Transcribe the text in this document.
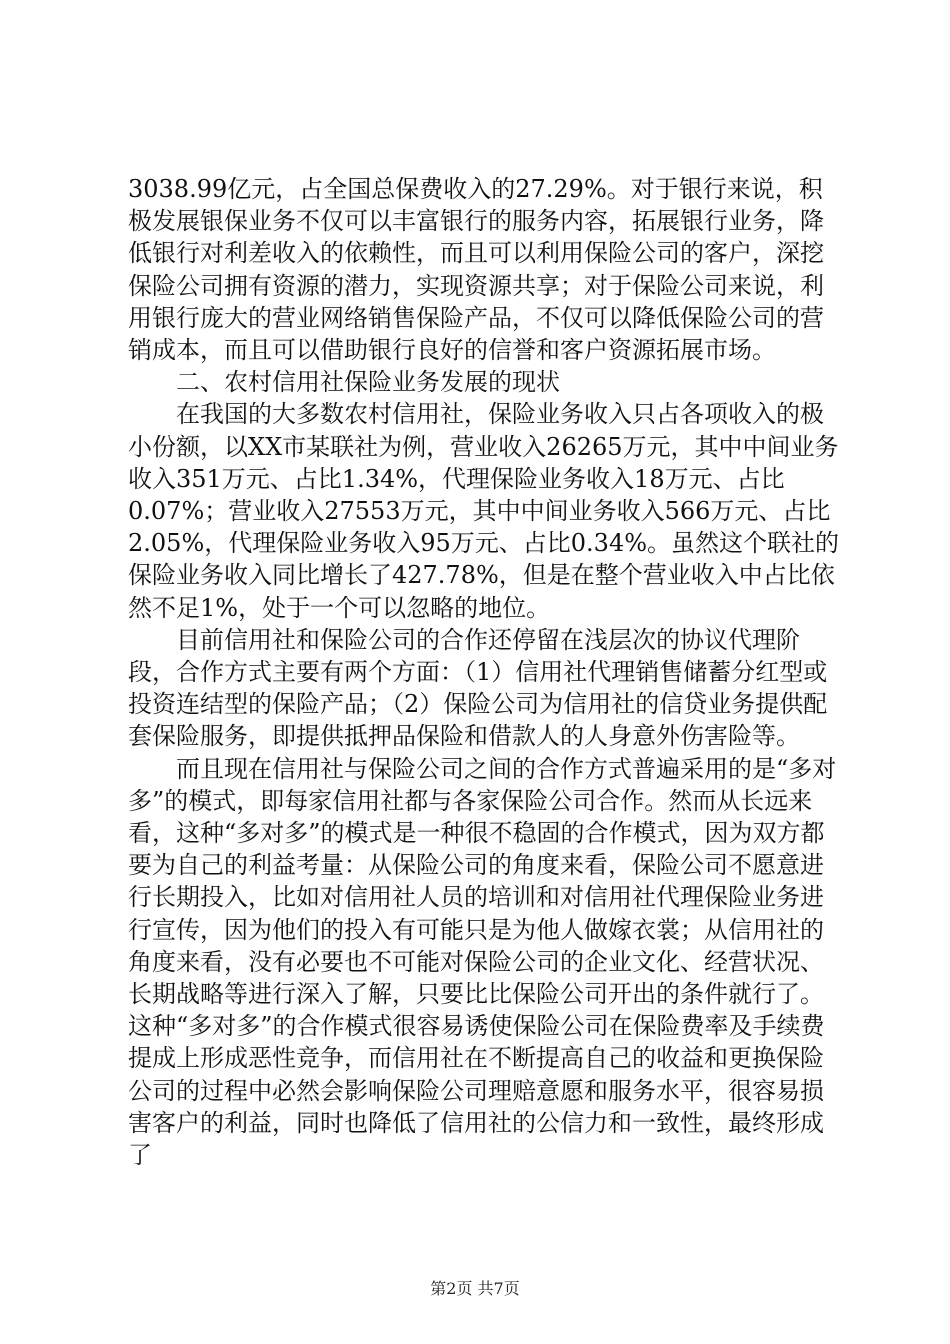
3038.99亿元，占全国总保费收入的27.29%。对于银行来说，积极发展银保业务不仅可以丰富银行的服务内容，拓展银行业务，降低银行对利差收入的依赖性，而且可以利用保险公司的客户，深挖保险公司拥有资源的潜力，实现资源共享；对于保险公司来说，利用银行庞大的营业网络销售保险产品，不仅可以降低保险公司的营销成本，而且可以借助银行良好的信誉和客户资源拓展市场。

二、农村信用社保险业务发展的现状

在我国的大多数农村信用社，保险业务收入只占各项收入的极小份额，以XX市某联社为例，营业收入26265万元，其中中间业务收入351万元、占比1.34%，代理保险业务收入18万元、占比0.07%；营业收入27553万元，其中中间业务收入566万元、占比2.05%，代理保险业务收入95万元、占比0.34%。虽然这个联社的保险业务收入同比增长了427.78%，但是在整个营业收入中占比依然不足1%，处于一个可以忽略的地位。

目前信用社和保险公司的合作还停留在浅层次的协议代理阶段，合作方式主要有两个方面：（1）信用社代理销售储蓄分红型或投资连结型的保险产品；（2）保险公司为信用社的信贷业务提供配套保险服务，即提供抵押品保险和借款人的人身意外伤害险等。

而且现在信用社与保险公司之间的合作方式普遍采用的是“多对多”的模式，即每家信用社都与各家保险公司合作。然而从长远来看，这种“多对多”的模式是一种很不稳固的合作模式，因为双方都要为自己的利益考量：从保险公司的角度来看，保险公司不愿意进行长期投入，比如对信用社人员的培训和对信用社代理保险业务进行宣传，因为他们的投入有可能只是为他人做嫁衣裳；从信用社的角度来看，没有必要也不可能对保险公司的企业文化、经营状况、长期战略等进行深入了解，只要比比保险公司开出的条件就行了。这种“多对多”的合作模式很容易诱使保险公司在保险费率及手续费提成上形成恶性竞争，而信用社在不断提高自己的收益和更换保险公司的过程中必然会影响保险公司理赔意愿和服务水平，很容易损害客户的利益，同时也降低了信用社的公信力和一致性，最终形成了

第2页 共7页
